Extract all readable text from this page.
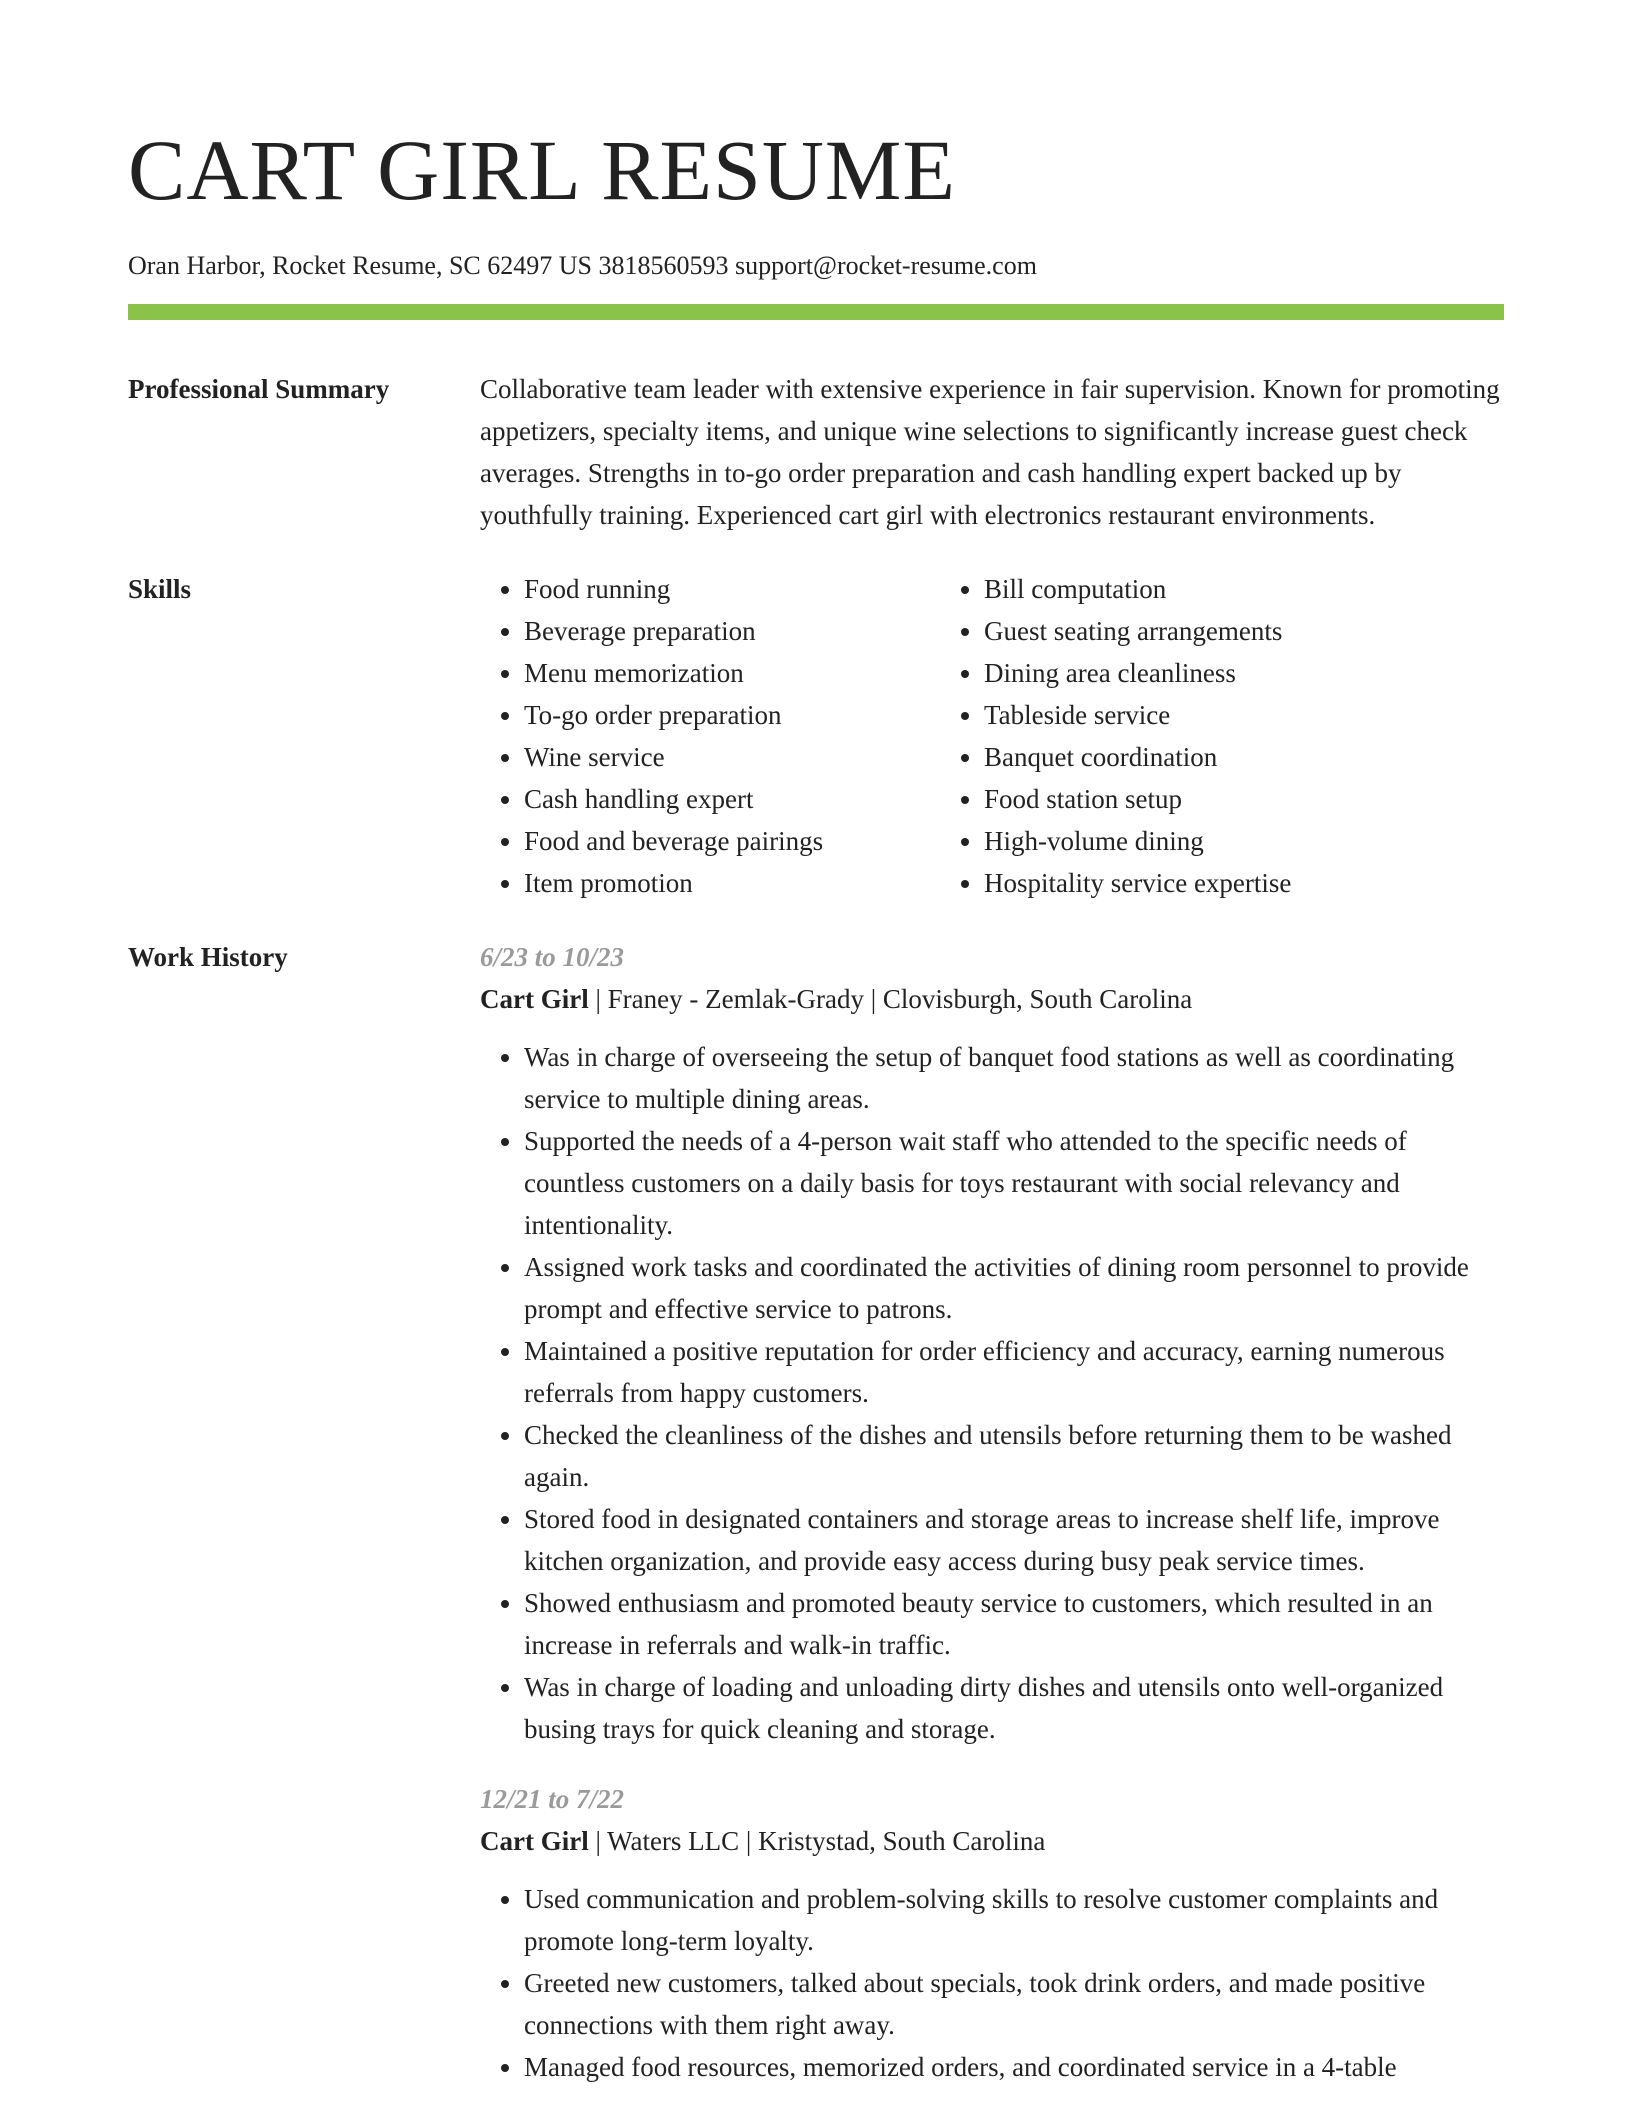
CART GIRL RESUME
Oran Harbor, Rocket Resume, SC 62497 US 3818560593 support@rocket-resume.com
Professional Summary	Collaborative team leader with extensive experience in fair supervision. Known for promoting appetizers, specialty items, and unique wine selections to significantly increase guest check averages. Strengths in to-go order preparation and cash handling expert backed up by youthfully training. Experienced cart girl with electronics restaurant environments.

Skills
•	Food running
• Beverage preparation
• Menu memorization
• To-go order preparation
• Wine service
• Cash handling expert
• Food and beverage pairings
• Item promotion
• Bill computation
• Guest seating arrangements
• Dining area cleanliness
• Tableside service
• Banquet coordination
• Food station setup
• High-volume dining
• Hospitality service expertise
Work History	6/23 to 10/23
Cart Girl | Franey - Zemlak-Grady | Clovisburgh, South Carolina
• Was in charge of overseeing the setup of banquet food stations as well as coordinating service to multiple dining areas.
• Supported the needs of a 4-person wait staff who attended to the specific needs of countless customers on a daily basis for toys restaurant with social relevancy and intentionality.
• Assigned work tasks and coordinated the activities of dining room personnel to provide prompt and effective service to patrons.
• Maintained a positive reputation for order efficiency and accuracy, earning numerous referrals from happy customers.
• Checked the cleanliness of the dishes and utensils before returning them to be washed again.
• Stored food in designated containers and storage areas to increase shelf life, improve kitchen organization, and provide easy access during busy peak service times.
• Showed enthusiasm and promoted beauty service to customers, which resulted in an increase in referrals and walk-in traffic.
• Was in charge of loading and unloading dirty dishes and utensils onto well-organized busing trays for quick cleaning and storage.
12/21 to 7/22
Cart Girl | Waters LLC | Kristystad, South Carolina
• Used communication and problem-solving skills to resolve customer complaints and promote long-term loyalty.
• Greeted new customers, talked about specials, took drink orders, and made positive connections with them right away.
• Managed food resources, memorized orders, and coordinated service in a 4-table
